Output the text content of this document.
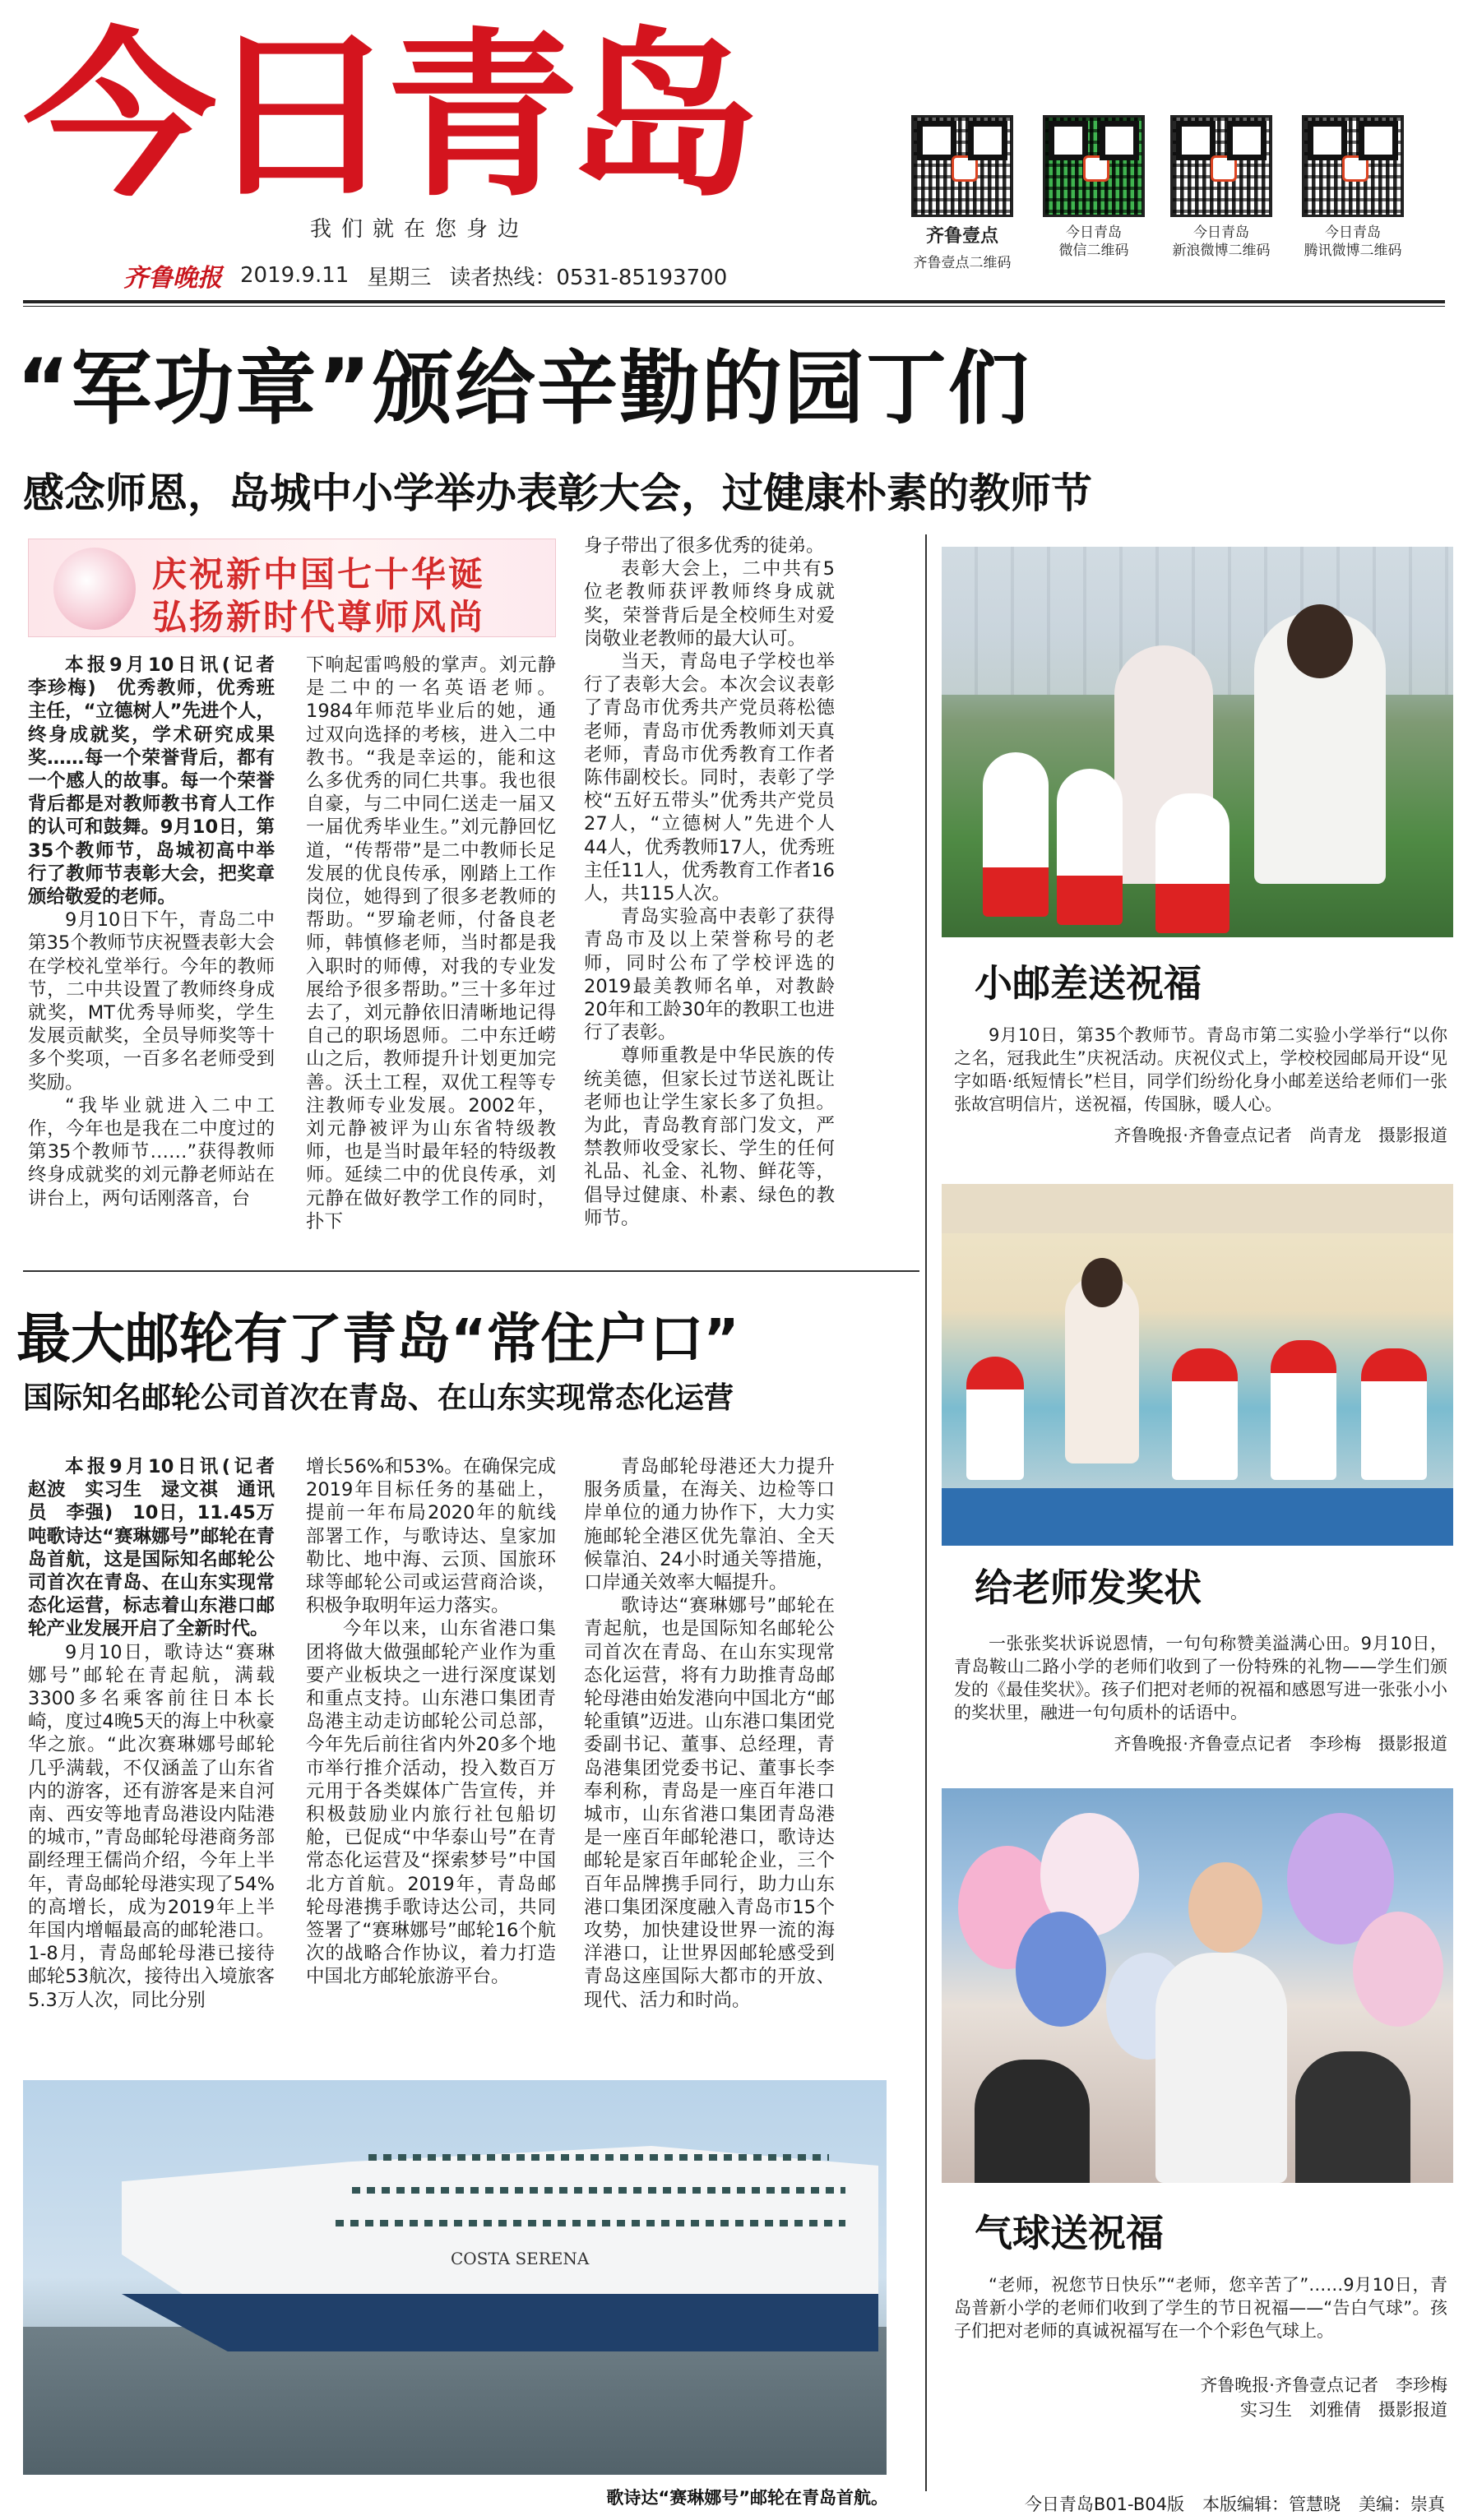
今日青岛
我们就在您身边
齐鲁晚报 2019.9.11 星期三 读者热线：0531-85193700
齐鲁壹点
齐鲁壹点二维码
今日青岛
微信二维码
今日青岛
新浪微博二维码
今日青岛
腾讯微博二维码
“军功章”颁给辛勤的园丁们
感念师恩，岛城中小学举办表彰大会，过健康朴素的教师节
庆祝新中国七十华诞
弘扬新时代尊师风尚

本报9月10日讯(记者　李珍梅)　优秀教师，优秀班主任，“立德树人”先进个人，终身成就奖，学术研究成果奖……每一个荣誉背后，都有一个感人的故事。每一个荣誉背后都是对教师教书育人工作的认可和鼓舞。9月10日，第35个教师节，岛城初高中举行了教师节表彰大会，把奖章颁给敬爱的老师。

9月10日下午，青岛二中第35个教师节庆祝暨表彰大会在学校礼堂举行。今年的教师节，二中共设置了教师终身成就奖，MT优秀导师奖，学生发展贡献奖，全员导师奖等十多个奖项，一百多名老师受到奖励。

“我毕业就进入二中工作，今年也是我在二中度过的第35个教师节……”获得教师终身成就奖的刘元静老师站在讲台上，两句话刚落音，台

下响起雷鸣般的掌声。刘元静是二中的一名英语老师。1984年师范毕业后的她，通过双向选择的考核，进入二中教书。“我是幸运的，能和这么多优秀的同仁共事。我也很自豪，与二中同仁送走一届又一届优秀毕业生。”刘元静回忆道，“传帮带”是二中教师长足发展的优良传承，刚踏上工作岗位，她得到了很多老教师的帮助。“罗瑜老师，付备良老师，韩慎修老师，当时都是我入职时的师傅，对我的专业发展给予很多帮助。”三十多年过去了，刘元静依旧清晰地记得自己的职场恩师。二中东迁崂山之后，教师提升计划更加完善。沃土工程，双优工程等专注教师专业发展。2002年，刘元静被评为山东省特级教师，也是当时最年轻的特级教师。延续二中的优良传承，刘元静在做好教学工作的同时，扑下

身子带出了很多优秀的徒弟。

表彰大会上，二中共有5位老教师获评教师终身成就奖，荣誉背后是全校师生对爱岗敬业老教师的最大认可。

当天，青岛电子学校也举行了表彰大会。本次会议表彰了青岛市优秀共产党员蒋松德老师，青岛市优秀教师刘天真老师，青岛市优秀教育工作者陈伟副校长。同时，表彰了学校“五好五带头”优秀共产党员27人，“立德树人”先进个人44人，优秀教师17人，优秀班主任11人，优秀教育工作者16人，共115人次。

青岛实验高中表彰了获得青岛市及以上荣誉称号的老师，同时公布了学校评选的2019最美教师名单，对教龄20年和工龄30年的教职工也进行了表彰。

尊师重教是中华民族的传统美德，但家长过节送礼既让老师也让学生家长多了负担。为此，青岛教育部门发文，严禁教师收受家长、学生的任何礼品、礼金、礼物、鲜花等，倡导过健康、朴素、绿色的教师节。

小邮差送祝福

9月10日，第35个教师节。青岛市第二实验小学举行“以你之名，冠我此生”庆祝活动。庆祝仪式上，学校校园邮局开设“见字如晤·纸短情长”栏目，同学们纷纷化身小邮差送给老师们一张张故宫明信片，送祝福，传国脉，暖人心。

齐鲁晚报·齐鲁壹点记者　尚青龙　摄影报道
给老师发奖状

一张张奖状诉说恩情，一句句称赞美溢满心田。9月10日，青岛鞍山二路小学的老师们收到了一份特殊的礼物——学生们颁发的《最佳奖状》。孩子们把对老师的祝福和感恩写进一张张小小的奖状里，融进一句句质朴的话语中。

齐鲁晚报·齐鲁壹点记者　李珍梅　摄影报道
气球送祝福

“老师，祝您节日快乐”“老师，您辛苦了”……9月10日，青岛普新小学的老师们收到了学生的节日祝福——“告白气球”。孩子们把对老师的真诚祝福写在一个个彩色气球上。

齐鲁晚报·齐鲁壹点记者　李珍梅
实习生　刘雅倩　摄影报道
最大邮轮有了青岛“常住户口”
国际知名邮轮公司首次在青岛、在山东实现常态化运营

本报9月10日讯(记者　赵波　实习生　逯文祺　通讯员　李强)　10日，11.45万吨歌诗达“赛琳娜号”邮轮在青岛首航，这是国际知名邮轮公司首次在青岛、在山东实现常态化运营，标志着山东港口邮轮产业发展开启了全新时代。

9月10日，歌诗达“赛琳娜号”邮轮在青起航，满载3300多名乘客前往日本长崎，度过4晚5天的海上中秋豪华之旅。“此次赛琳娜号邮轮几乎满载，不仅涵盖了山东省内的游客，还有游客是来自河南、西安等地青岛港设内陆港的城市，”青岛邮轮母港商务部副经理王儒尚介绍，今年上半年，青岛邮轮母港实现了54%的高增长，成为2019年上半年国内增幅最高的邮轮港口。1-8月，青岛邮轮母港已接待邮轮53航次，接待出入境旅客5.3万人次，同比分别

增长56%和53%。在确保完成2019年目标任务的基础上，提前一年布局2020年的航线部署工作，与歌诗达、皇家加勒比、地中海、云顶、国旅环球等邮轮公司或运营商洽谈，积极争取明年运力落实。

今年以来，山东省港口集团将做大做强邮轮产业作为重要产业板块之一进行深度谋划和重点支持。山东港口集团青岛港主动走访邮轮公司总部，今年先后前往省内外20多个地市举行推介活动，投入数百万元用于各类媒体广告宣传，并积极鼓励业内旅行社包船切舱，已促成“中华泰山号”在青常态化运营及“探索梦号”中国北方首航。2019年，青岛邮轮母港携手歌诗达公司，共同签署了“赛琳娜号”邮轮16个航次的战略合作协议，着力打造中国北方邮轮旅游平台。

青岛邮轮母港还大力提升服务质量，在海关、边检等口岸单位的通力协作下，大力实施邮轮全港区优先靠泊、全天候靠泊、24小时通关等措施，口岸通关效率大幅提升。

歌诗达“赛琳娜号”邮轮在青起航，也是国际知名邮轮公司首次在青岛、在山东实现常态化运营，将有力助推青岛邮轮母港由始发港向中国北方“邮轮重镇”迈进。山东港口集团党委副书记、董事、总经理，青岛港集团党委书记、董事长李奉利称，青岛是一座百年港口城市，山东省港口集团青岛港是一座百年邮轮港口，歌诗达邮轮是家百年邮轮企业，三个百年品牌携手同行，助力山东港口集团深度融入青岛市15个攻势，加快建设世界一流的海洋港口，让世界因邮轮感受到青岛这座国际大都市的开放、现代、活力和时尚。

COSTA SERENA
歌诗达“赛琳娜号”邮轮在青岛首航。	今日青岛B01-B04版 本版编辑：管慧晓 美编：崇真
